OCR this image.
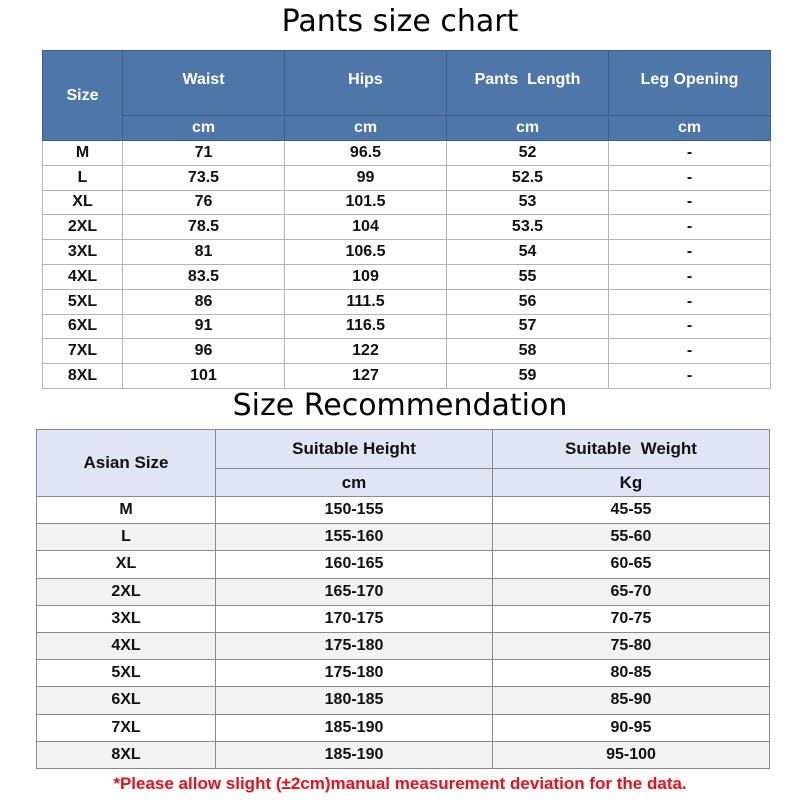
Pants size chart
Size	Waist	Hips	Pants  Length	Leg Opening
	cm	cm	cm	cm
M	71	96.5	52	-
L	73.5	99	52.5	-
XL	76	101.5	53	-
2XL	78.5	104	53.5	-
3XL	81	106.5	54	-
4XL	83.5	109	55	-
5XL	86	111.5	56	-
6XL	91	116.5	57	-
7XL	96	122	58	-
8XL	101	127	59	-
Size Recommendation
Asian Size	Suitable Height	Suitable  Weight
	cm	Kg
M	150-155	45-55
L	155-160	55-60
XL	160-165	60-65
2XL	165-170	65-70
3XL	170-175	70-75
4XL	175-180	75-80
5XL	175-180	80-85
6XL	180-185	85-90
7XL	185-190	90-95
8XL	185-190	95-100
*Please allow slight (±2cm)manual measurement deviation for the data.
